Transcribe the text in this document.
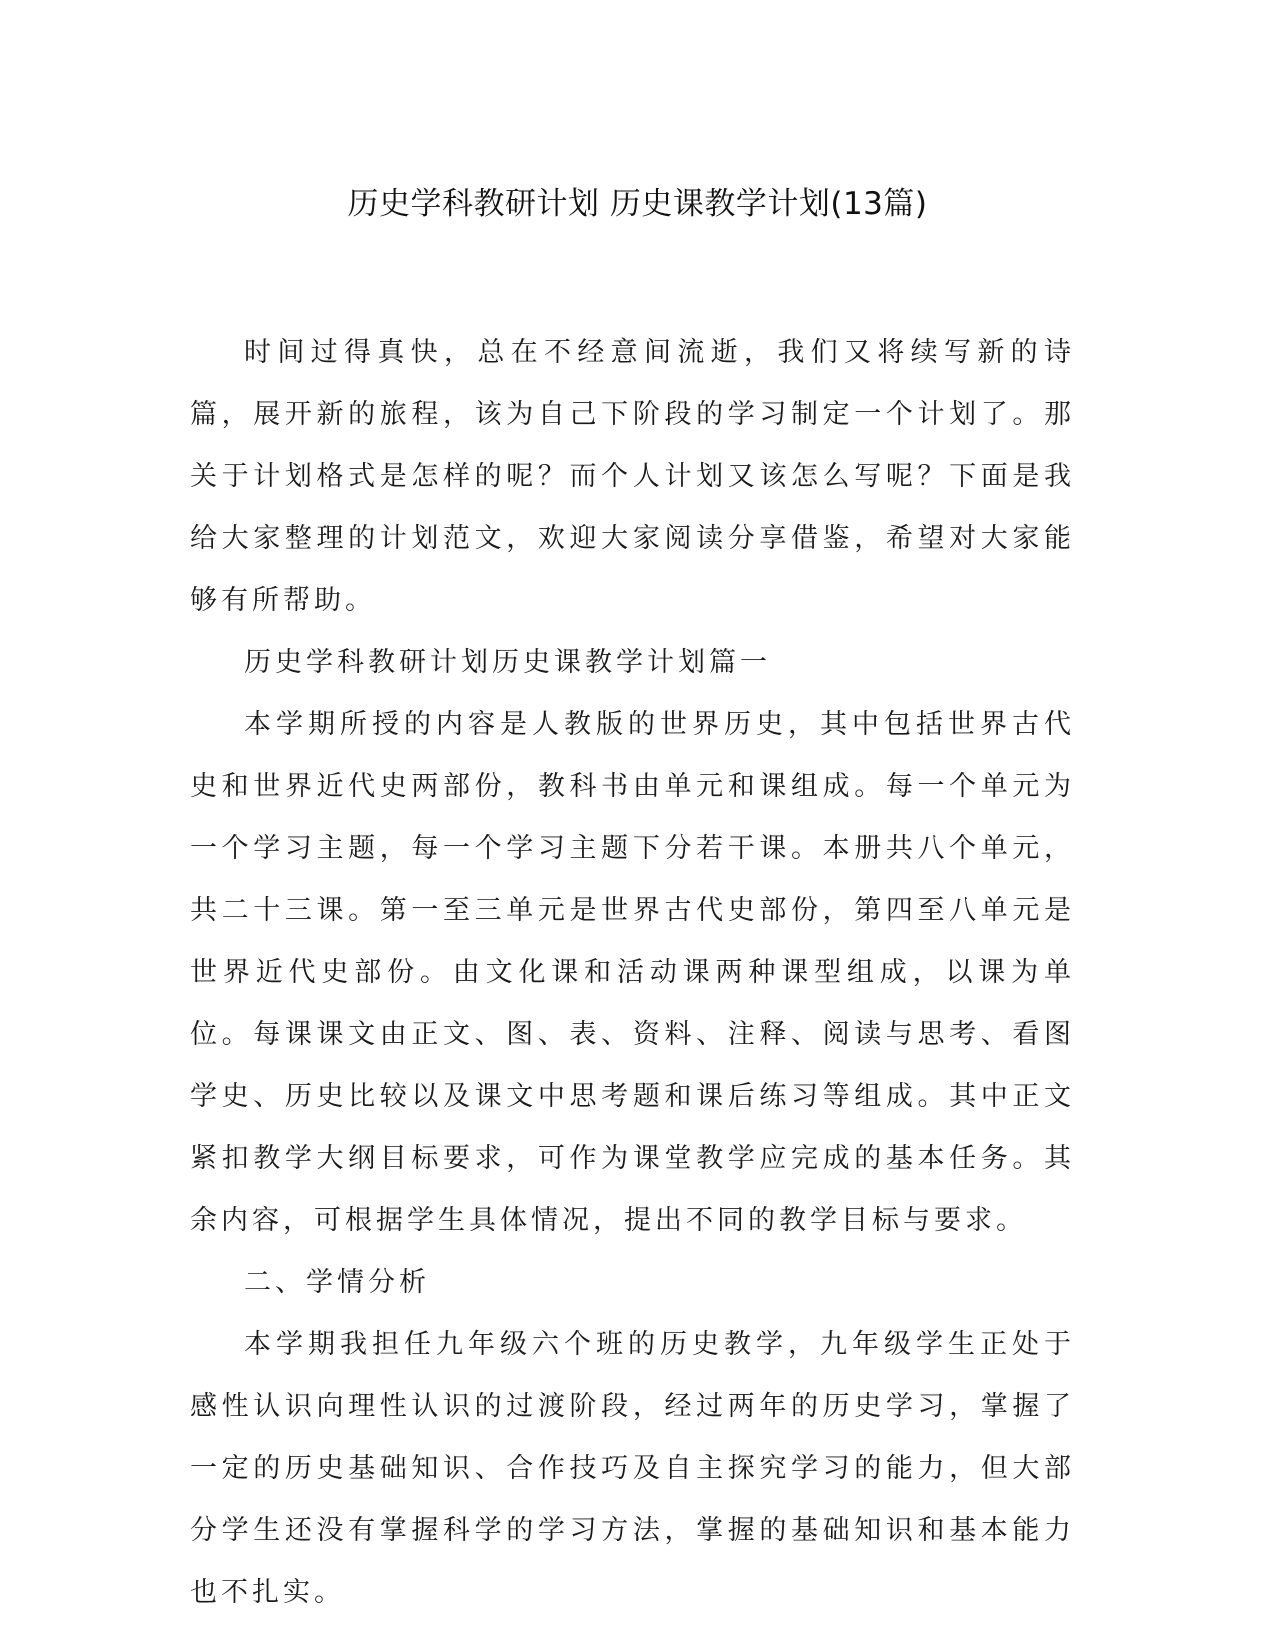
历史学科教研计划 历史课教学计划(13篇)

时间过得真快，总在不经意间流逝，我们又将续写新的诗篇，展开新的旅程，该为自己下阶段的学习制定一个计划了。那关于计划格式是怎样的呢？而个人计划又该怎么写呢？下面是我给大家整理的计划范文，欢迎大家阅读分享借鉴，希望对大家能够有所帮助。

历史学科教研计划历史课教学计划篇一

本学期所授的内容是人教版的世界历史，其中包括世界古代史和世界近代史两部份，教科书由单元和课组成。每一个单元为一个学习主题，每一个学习主题下分若干课。本册共八个单元，共二十三课。第一至三单元是世界古代史部份，第四至八单元是世界近代史部份。由文化课和活动课两种课型组成，以课为单位。每课课文由正文、图、表、资料、注释、阅读与思考、看图学史、历史比较以及课文中思考题和课后练习等组成。其中正文紧扣教学大纲目标要求，可作为课堂教学应完成的基本任务。其余内容，可根据学生具体情况，提出不同的教学目标与要求。

二、学情分析

本学期我担任九年级六个班的历史教学，九年级学生正处于感性认识向理性认识的过渡阶段，经过两年的历史学习，掌握了一定的历史基础知识、合作技巧及自主探究学习的能力，但大部分学生还没有掌握科学的学习方法，掌握的基础知识和基本能力也不扎实。
